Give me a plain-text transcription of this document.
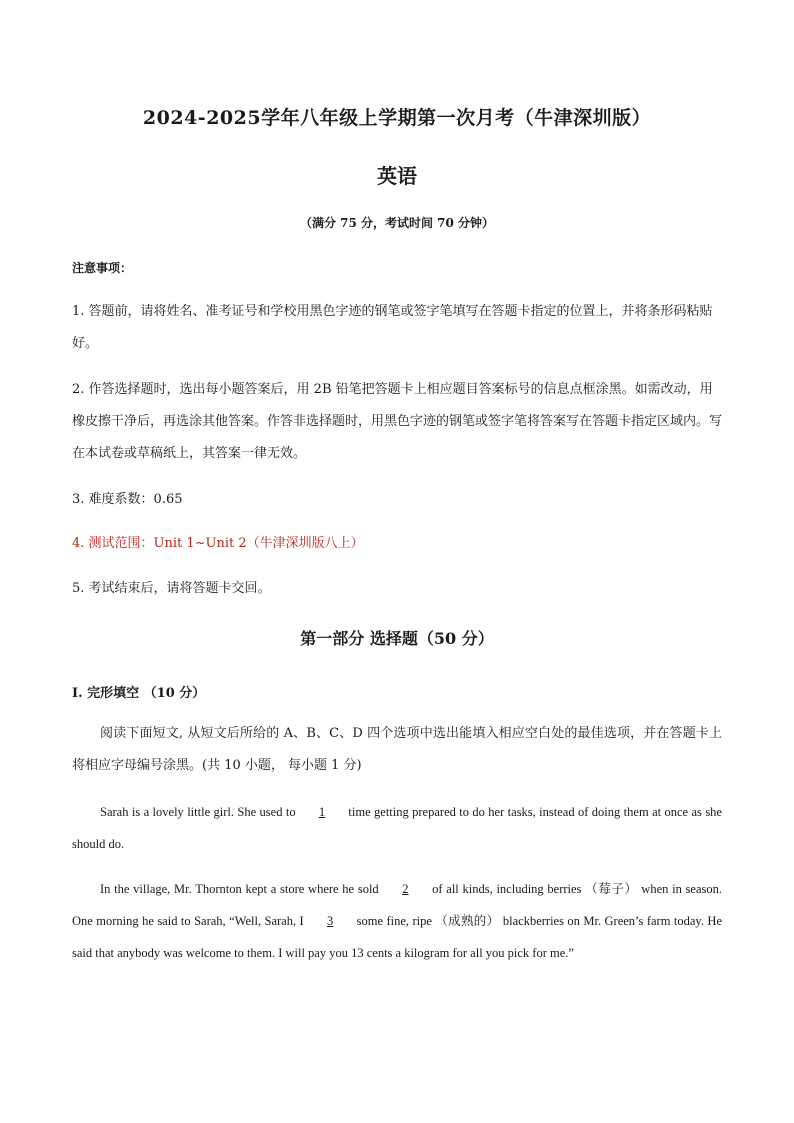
2024-2025学年八年级上学期第一次月考（牛津深圳版）
英语
（满分 75 分，考试时间 70 分钟）
注意事项：
1. 答题前，请将姓名、准考证号和学校用黑色字迹的钢笔或签字笔填写在答题卡指定的位置上，并将条形码粘贴好。
2. 作答选择题时，选出每小题答案后，用 2B 铅笔把答题卡上相应题目答案标号的信息点框涂黑。如需改动，用橡皮擦干净后，再选涂其他答案。作答非选择题时，用黑色字迹的钢笔或签字笔将答案写在答题卡指定区域内。写在本试卷或草稿纸上，其答案一律无效。
3. 难度系数：0.65
4. 测试范围：Unit 1~Unit 2（牛津深圳版八上）
5. 考试结束后，请将答题卡交回。
第一部分 选择题（50 分）
I. 完形填空 （10 分）
阅读下面短文, 从短文后所给的 A、B、C、D 四个选项中选出能填入相应空白处的最佳选项，并在答题卡上将相应字母编号涂黑。(共 10 小题， 每小题 1 分)
Sarah is a lovely little girl. She used to 1 time getting prepared to do her tasks, instead of doing them at once as she should do.
In the village, Mr. Thornton kept a store where he sold 2 of all kinds, including berries （莓子） when in season. One morning he said to Sarah, “Well, Sarah, I 3 some fine, ripe （成熟的） blackberries on Mr. Green’s farm today. He said that anybody was welcome to them. I will pay you 13 cents a kilogram for all you pick for me.”
